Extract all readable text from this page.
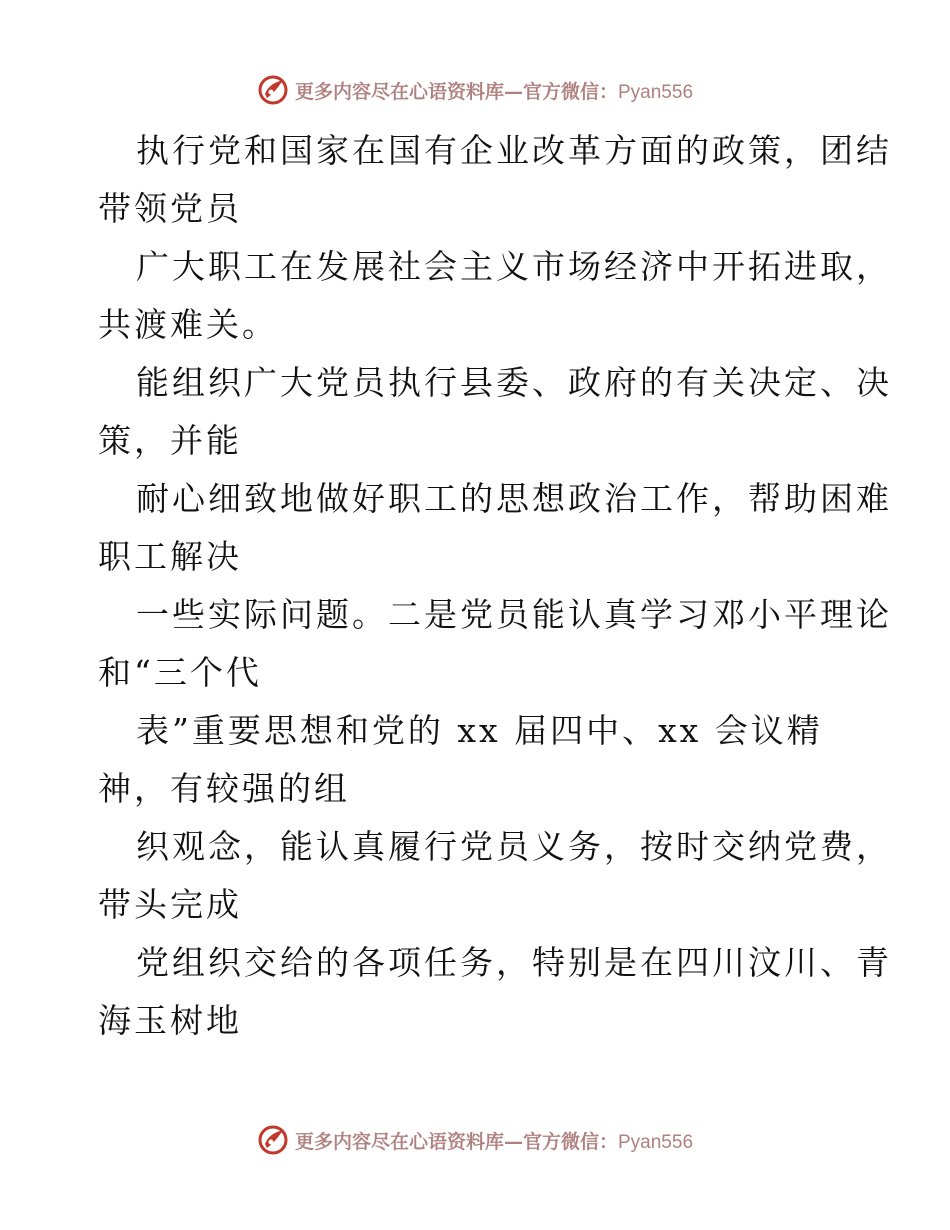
更多内容尽在心语资料库—官方微信：Pyan556
执行党和国家在国有企业改革方面的政策，团结
带领党员
广大职工在发展社会主义市场经济中开拓进取，
共渡难关。
能组织广大党员执行县委、政府的有关决定、决
策，并能
耐心细致地做好职工的思想政治工作，帮助困难
职工解决
一些实际问题。二是党员能认真学习邓小平理论
和“三个代
表”重要思想和党的 xx 届四中、xx 会议精
神，有较强的组
织观念，能认真履行党员义务，按时交纳党费，
带头完成
党组织交给的各项任务，特别是在四川汶川、青
海玉树地
更多内容尽在心语资料库—官方微信：Pyan556
